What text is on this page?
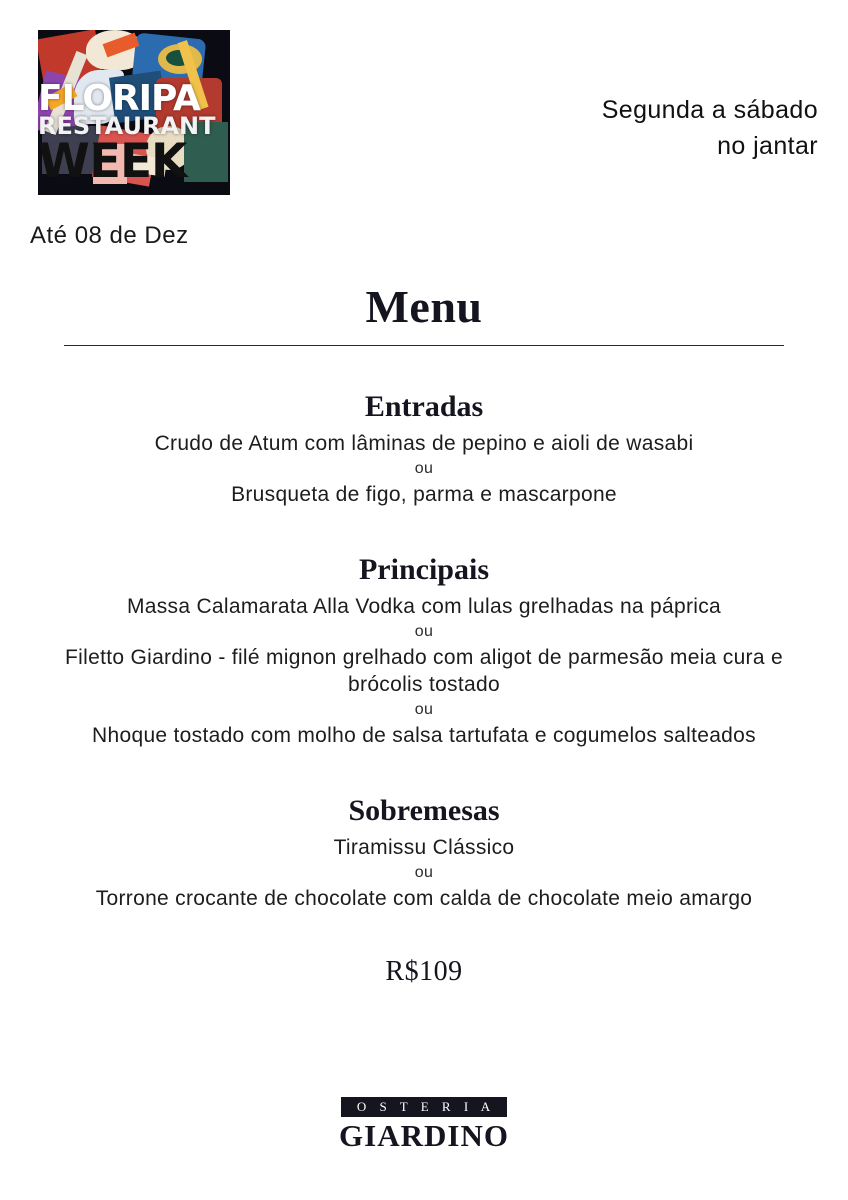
FLORIPA
RESTAURANT
WEEK
Até 08 de Dez
Segunda a sábado
no jantar
Menu
Entradas
Crudo de Atum com lâminas de pepino e aioli de wasabi
ou
Brusqueta de figo, parma e mascarpone
Principais
Massa Calamarata Alla Vodka com lulas grelhadas na páprica
ou
Filetto Giardino - filé mignon grelhado com aligot de parmesão meia cura e brócolis tostado
ou
Nhoque tostado com molho de salsa tartufata e cogumelos salteados
Sobremesas
Tiramissu Clássico
ou
Torrone crocante de chocolate com calda de chocolate meio amargo
R$109
O S T E R I A
GIARDINO
